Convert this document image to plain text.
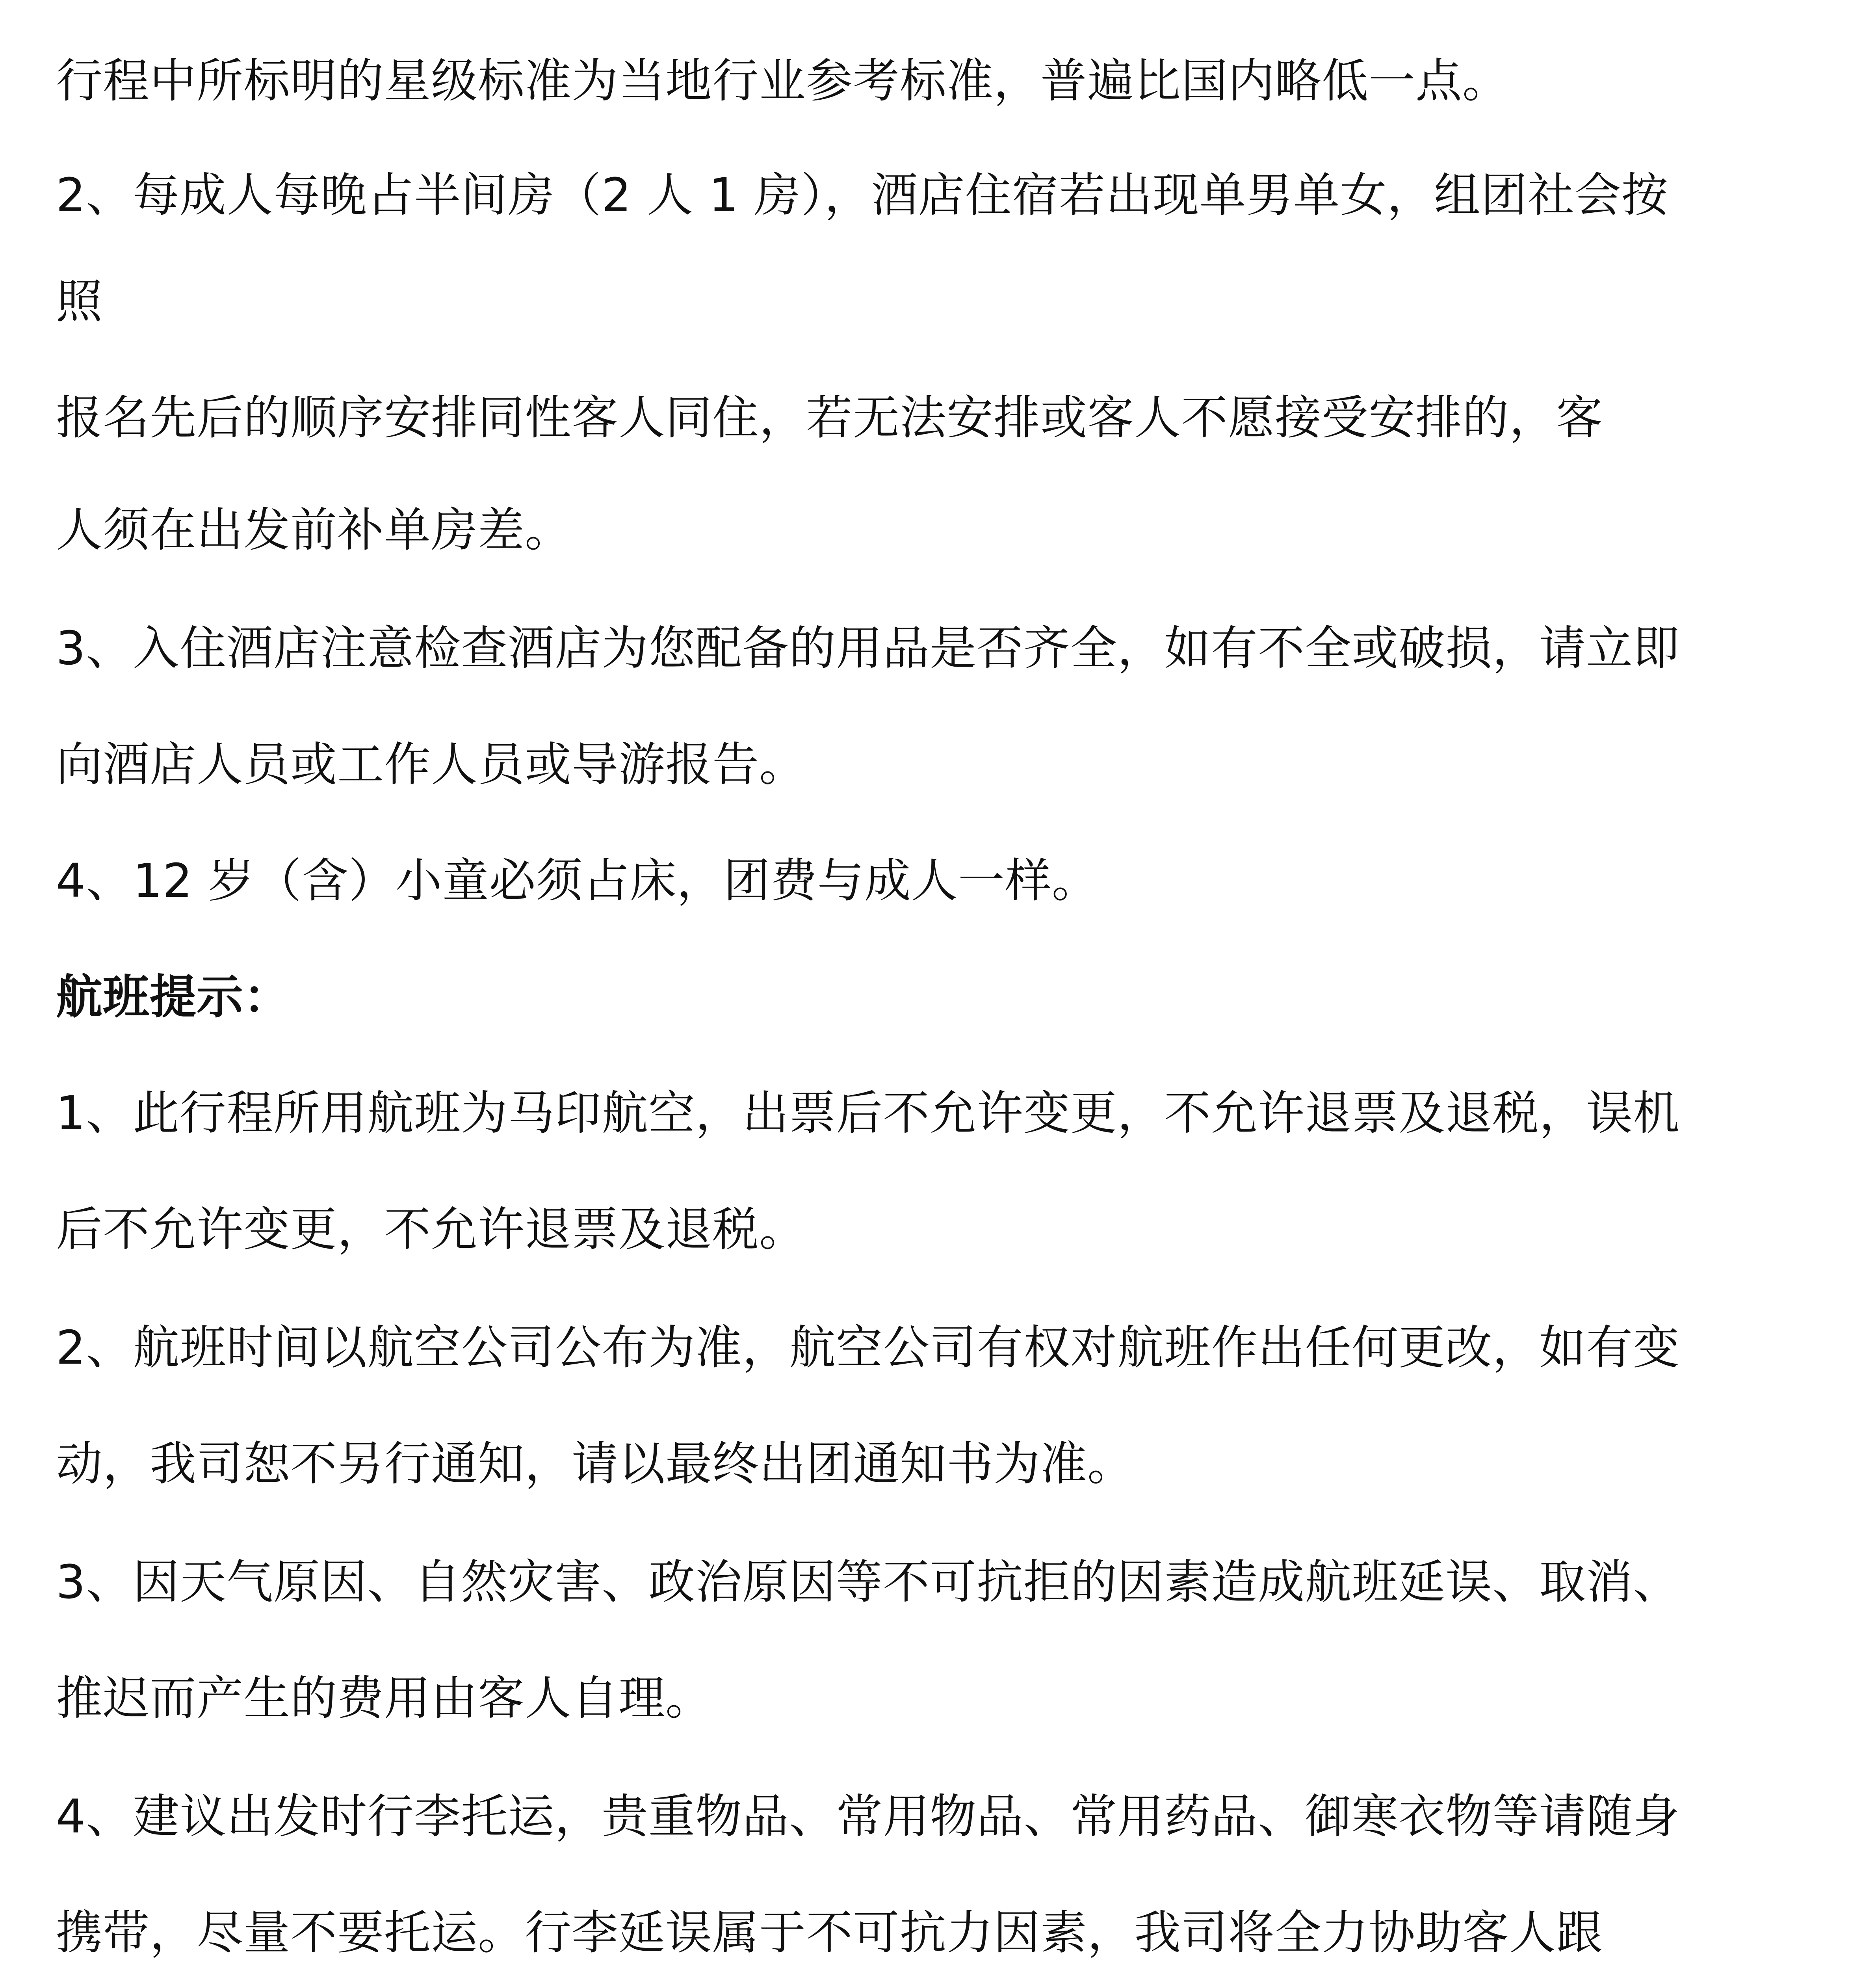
行程中所标明的星级标准为当地行业参考标准，普遍比国内略低一点。
2、每成人每晚占半间房（2 人 1 房），酒店住宿若出现单男单女，组团社会按
照
报名先后的顺序安排同性客人同住，若无法安排或客人不愿接受安排的，客
人须在出发前补单房差。
3、入住酒店注意检查酒店为您配备的用品是否齐全，如有不全或破损，请立即
向酒店人员或工作人员或导游报告。
4、12 岁（含）小童必须占床，团费与成人一样。
航班提示：
1、此行程所用航班为马印航空，出票后不允许变更，不允许退票及退税，误机
后不允许变更，不允许退票及退税。
2、航班时间以航空公司公布为准，航空公司有权对航班作出任何更改，如有变
动，我司恕不另行通知，请以最终出团通知书为准。
3、因天气原因、自然灾害、政治原因等不可抗拒的因素造成航班延误、取消、
推迟而产生的费用由客人自理。
4、建议出发时行李托运，贵重物品、常用物品、常用药品、御寒衣物等请随身
携带，尽量不要托运。行李延误属于不可抗力因素，我司将全力协助客人跟
